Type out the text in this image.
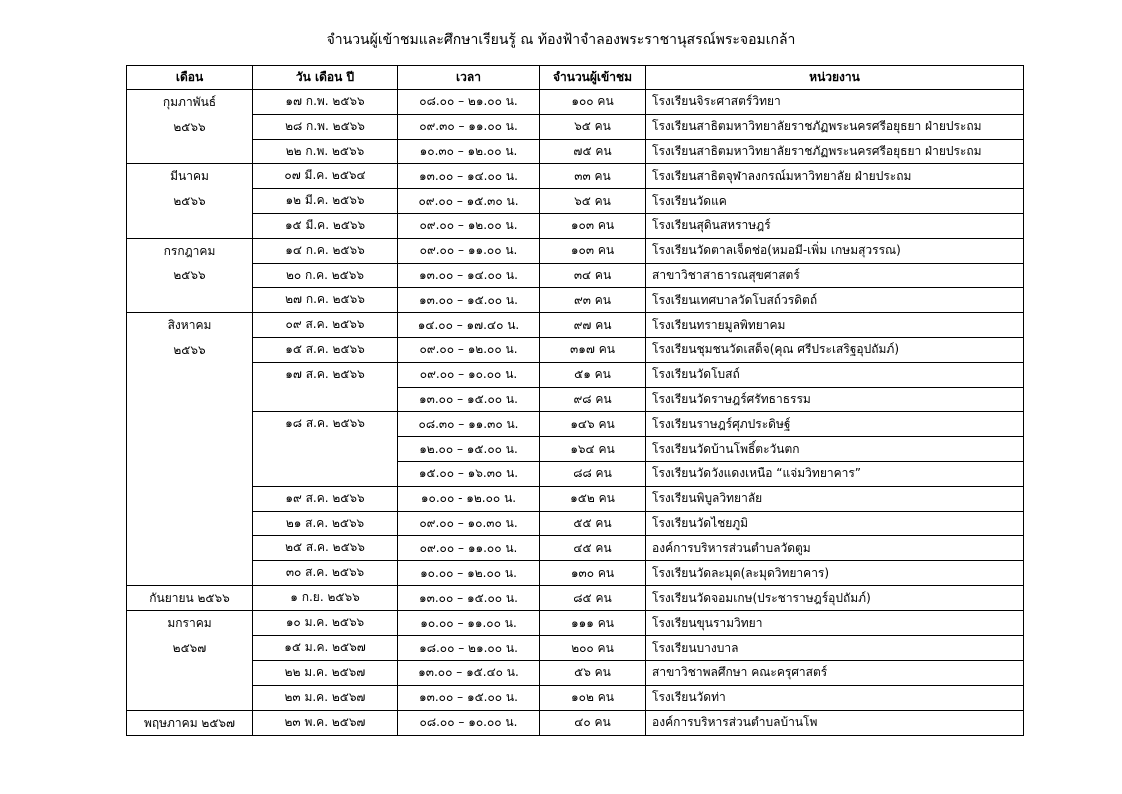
จำนวนผู้เข้าชมและศึกษาเรียนรู้ ณ ท้องฟ้าจำลองพระราชานุสรณ์พระจอมเกล้า
เดือน	วัน เดือน ปี	เวลา	จำนวนผู้เข้าชม	หน่วยงาน

กุมภาพันธ์
๒๕๖๖	๑๗ ก.พ. ๒๕๖๖	๐๘.๐๐ – ๒๑.๐๐ น.	๑๐๐ คน	โรงเรียนจิระศาสตร์วิทยา
	๒๘ ก.พ. ๒๕๖๖	๐๙.๓๐ – ๑๑.๐๐ น.	๖๕ คน	โรงเรียนสาธิตมหาวิทยาลัยราชภัฏพระนครศรีอยุธยา ฝ่ายประถม
	๒๒ ก.พ. ๒๕๖๖	๑๐.๓๐ – ๑๒.๐๐ น.	๗๕ คน	โรงเรียนสาธิตมหาวิทยาลัยราชภัฏพระนครศรีอยุธยา ฝ่ายประถม

มีนาคม
๒๕๖๖	๐๗ มี.ค. ๒๕๖๔	๑๓.๐๐ – ๑๔.๐๐ น.	๓๓ คน	โรงเรียนสาธิตจุฬาลงกรณ์มหาวิทยาลัย ฝ่ายประถม
	๑๒ มี.ค. ๒๕๖๖	๐๙.๐๐ – ๑๕.๓๐ น.	๖๕ คน	โรงเรียนวัดแค
	๑๕ มี.ค. ๒๕๖๖	๐๙.๐๐ – ๑๒.๐๐ น.	๑๐๓ คน	โรงเรียนสุดินสหราษฎร์

กรกฎาคม
๒๕๖๖	๑๔ ก.ค. ๒๕๖๖	๐๙.๐๐ – ๑๑.๐๐ น.	๑๐๓ คน	โรงเรียนวัดตาลเจ็ดช่อ(หมอมี-เพิ่ม เกษมสุวรรณ)
	๒๐ ก.ค. ๒๕๖๖	๑๓.๐๐ – ๑๔.๐๐ น.	๓๔ คน	สาขาวิชาสาธารณสุขศาสตร์
	๒๗ ก.ค. ๒๕๖๖	๑๓.๐๐ – ๑๕.๐๐ น.	๙๓ คน	โรงเรียนเทศบาลวัดโบสถ์วรดิตถ์

สิงหาคม
๒๕๖๖	๐๙ ส.ค. ๒๕๖๖	๑๔.๐๐ – ๑๗.๔๐ น.	๙๗ คน	โรงเรียนทรายมูลพิทยาคม
	๑๕ ส.ค. ๒๕๖๖	๐๙.๐๐ – ๑๒.๐๐ น.	๓๑๗ คน	โรงเรียนชุมชนวัดเสด็จ(คุณ ศรีประเสริฐอุปถัมภ์)
	๑๗ ส.ค. ๒๕๖๖	๐๙.๐๐ – ๑๐.๐๐ น.	๕๑ คน	โรงเรียนวัดโบสถ์
		๑๓.๐๐ – ๑๕.๐๐ น.	๙๘ คน	โรงเรียนวัดราษฎร์ศรัทธาธรรม
	๑๘ ส.ค. ๒๕๖๖	๐๘.๓๐ – ๑๑.๓๐ น.	๑๔๖ คน	โรงเรียนราษฎร์ศุภประดิษฐ์
		๑๒.๐๐ – ๑๕.๐๐ น.	๑๖๔ คน	โรงเรียนวัดบ้านโพธิ์ตะวันตก
		๑๕.๐๐ – ๑๖.๓๐ น.	๘๘ คน	โรงเรียนวัดวังแดงเหนือ “แจ่มวิทยาคาร”
	๑๙ ส.ค. ๒๕๖๖	๑๐.๐๐ - ๑๒.๐๐ น.	๑๕๒ คน	โรงเรียนพิบูลวิทยาลัย
	๒๑ ส.ค. ๒๕๖๖	๐๙.๐๐ – ๑๐.๓๐ น.	๕๕ คน	โรงเรียนวัดไชยภูมิ
	๒๕ ส.ค. ๒๕๖๖	๐๙.๐๐ – ๑๑.๐๐ น.	๔๕ คน	องค์การบริหารส่วนตำบลวัดตูม
	๓๐ ส.ค. ๒๕๖๖	๑๐.๐๐ – ๑๒.๐๐ น.	๑๓๐ คน	โรงเรียนวัดละมุด(ละมุดวิทยาคาร)

กันยายน ๒๕๖๖	๑ ก.ย. ๒๕๖๖	๑๓.๐๐ – ๑๕.๐๐ น.	๘๕ คน	โรงเรียนวัดจอมเกษ(ประชาราษฎร์อุปถัมภ์)

มกราคม
๒๕๖๗	๑๐ ม.ค. ๒๕๖๖	๑๐.๐๐ – ๑๑.๐๐ น.	๑๑๑ คน	โรงเรียนขุนรามวิทยา
	๑๕ ม.ค. ๒๕๖๗	๑๘.๐๐ – ๒๑.๐๐ น.	๒๐๐ คน	โรงเรียนบางบาล
	๒๒ ม.ค. ๒๕๖๗	๑๓.๐๐ – ๑๕.๔๐ น.	๕๖ คน	สาขาวิชาพลศึกษา คณะครุศาสตร์
	๒๓ ม.ค. ๒๕๖๗	๑๓.๐๐ – ๑๕.๐๐ น.	๑๐๒ คน	โรงเรียนวัดท่า

พฤษภาคม ๒๕๖๗	๒๓ พ.ค. ๒๕๖๗	๐๘.๐๐ – ๑๐.๐๐ น.	๔๐ คน	องค์การบริหารส่วนตำบลบ้านโพ
